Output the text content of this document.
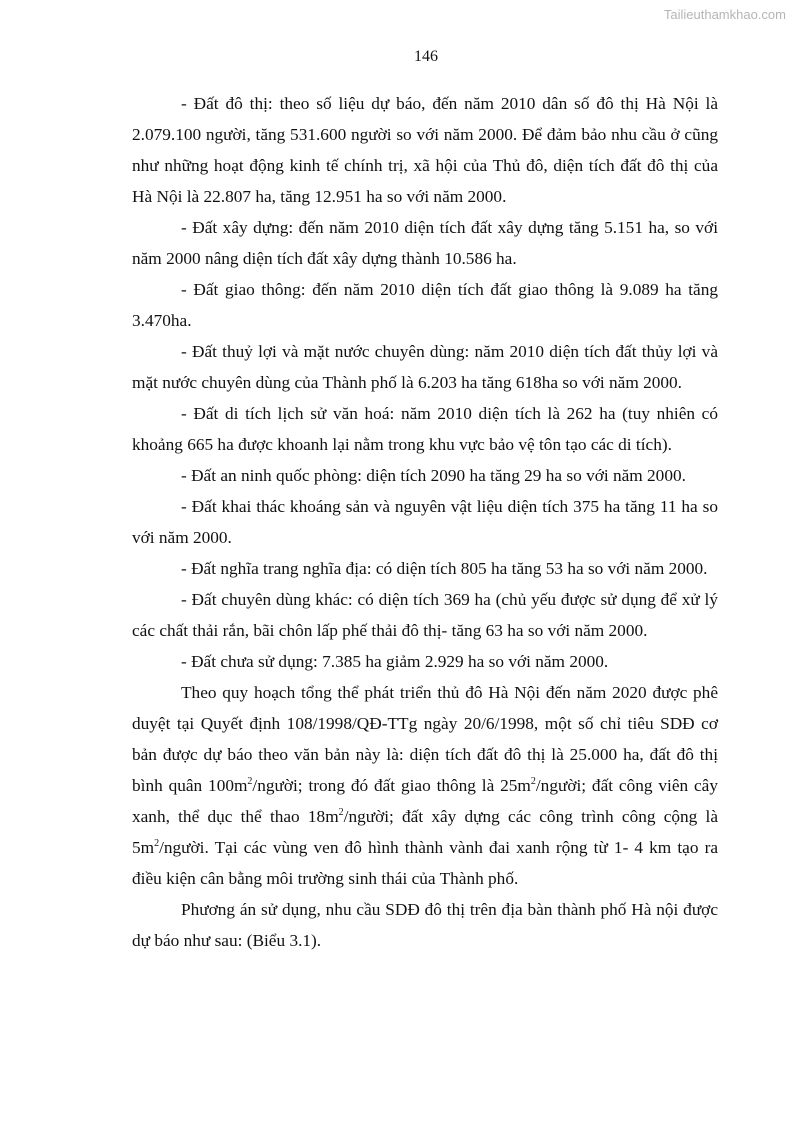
Tailieuthamkhao.com
146

- Đất đô thị: theo số liệu dự báo, đến năm 2010 dân số đô thị Hà Nội là 2.079.100 người, tăng 531.600 người so với năm 2000. Để đảm bảo nhu cầu ở cũng như những hoạt động kinh tế chính trị, xã hội của Thủ đô, diện tích đất đô thị của Hà Nội là 22.807 ha, tăng 12.951 ha so với năm 2000.

- Đất xây dựng: đến năm 2010 diện tích đất xây dựng tăng 5.151 ha, so với năm 2000 nâng diện tích đất xây dựng thành 10.586 ha.

- Đất giao thông: đến năm 2010 diện tích đất giao thông là 9.089 ha tăng 3.470ha.

- Đất thuỷ lợi và mặt nước chuyên dùng: năm 2010 diện tích đất thủy lợi và mặt nước chuyên dùng của Thành phố là 6.203 ha tăng 618ha so với năm 2000.

- Đất di tích lịch sử văn hoá: năm 2010 diện tích là 262 ha (tuy nhiên có khoảng 665 ha được khoanh lại nằm trong khu vực bảo vệ tôn tạo các di tích).

- Đất an ninh quốc phòng: diện tích 2090 ha tăng 29 ha so với năm 2000.

- Đất khai thác khoáng sản và nguyên vật liệu diện tích 375 ha tăng 11 ha so với năm 2000.

- Đất nghĩa trang nghĩa địa: có diện tích 805 ha tăng 53 ha so với năm 2000.

- Đất chuyên dùng khác: có diện tích 369 ha (chủ yếu được sử dụng để xử lý các chất thải rắn, bãi chôn lấp phế thải đô thị- tăng 63 ha so với năm 2000.

- Đất chưa sử dụng: 7.385 ha giảm 2.929 ha so với năm 2000.

Theo quy hoạch tổng thể phát triển thủ đô Hà Nội đến năm 2020 được phê duyệt tại Quyết định 108/1998/QĐ-TTg ngày 20/6/1998, một số chỉ tiêu SDĐ cơ bản được dự báo theo văn bản này là: diện tích đất đô thị là 25.000 ha, đất đô thị bình quân $100m^2$/người; trong đó đất giao thông là $25m^2$/người; đất công viên cây xanh, thể dục thể thao $18m^2$/người; đất xây dựng các công trình công cộng là $5m^2$/người. Tại các vùng ven đô hình thành vành đai xanh rộng từ 1- 4 km tạo ra điều kiện cân bằng môi trường sinh thái của Thành phố.

Phương án sử dụng, nhu cầu SDĐ đô thị trên địa bàn thành phố Hà nội được dự báo như sau: (Biểu 3.1).
